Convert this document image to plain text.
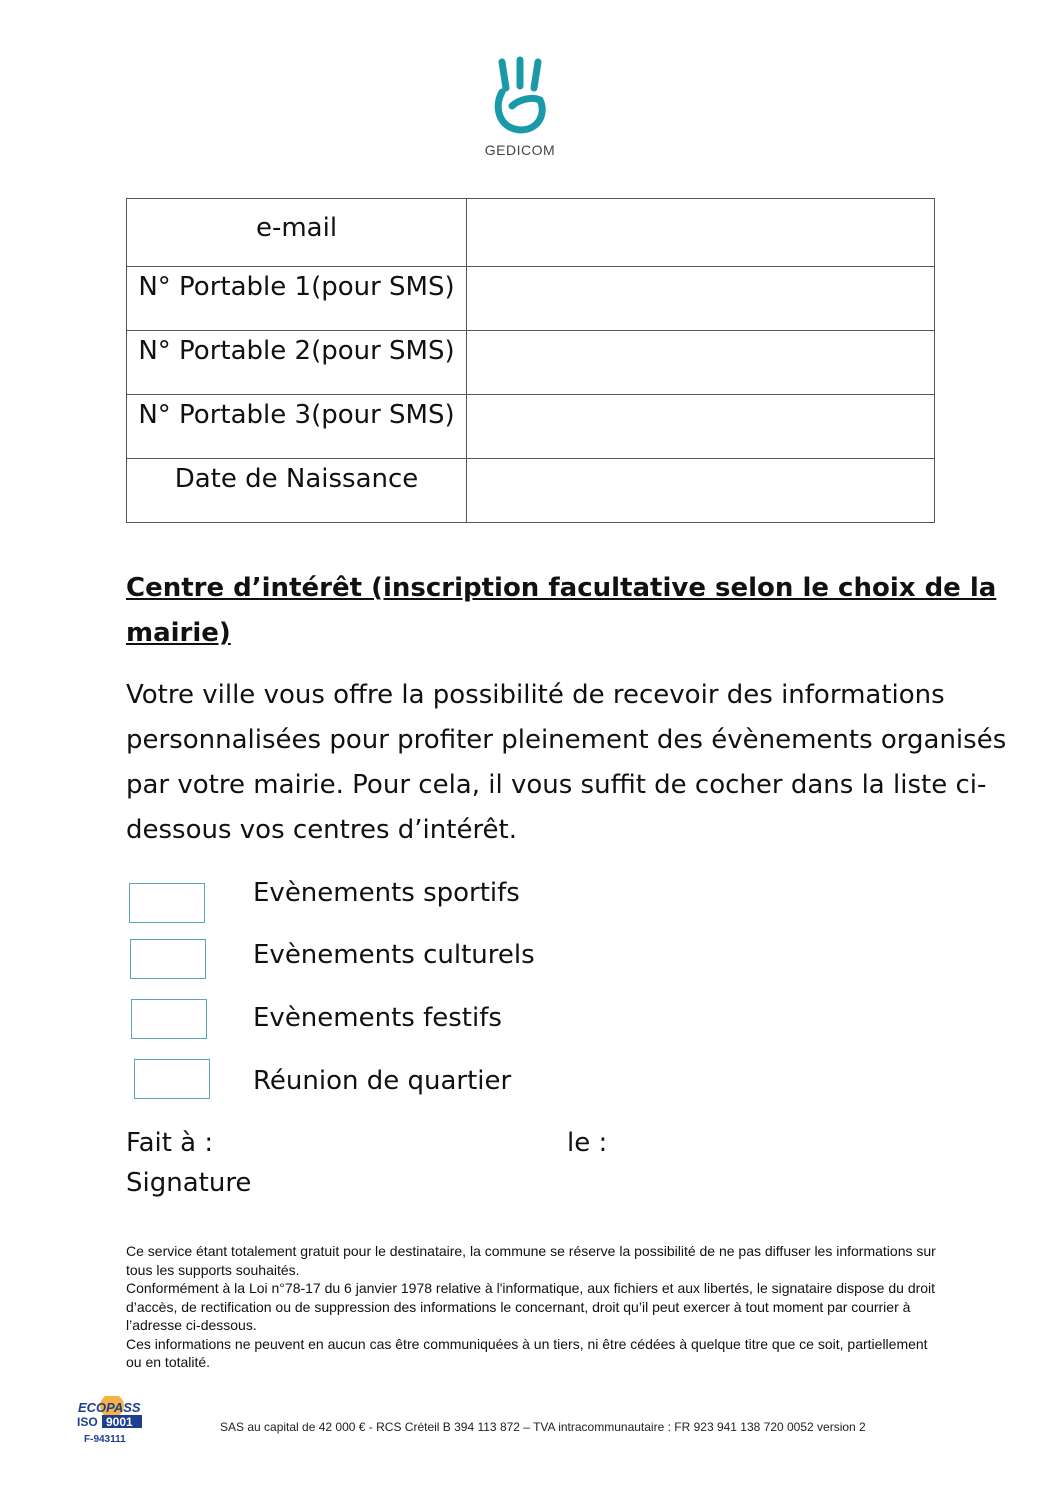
GEDICOM
e-mail	
N° Portable 1(pour SMS)	
N° Portable 2(pour SMS)	
N° Portable 3(pour SMS)	
Date de Naissance	
Centre d’intérêt (inscription facultative selon le choix de la mairie)
Votre ville vous offre la possibilité de recevoir des informations personnalisées pour profiter pleinement des évènements organisés par votre mairie. Pour cela, il vous suffit de cocher dans la liste ci-dessous vos centres d’intérêt.
Evènements sportifs
Evènements culturels
Evènements festifs
Réunion de quartier
Fait à :	le :
Signature

Ce service étant totalement gratuit pour le destinataire, la commune se réserve la possibilité de ne pas diffuser les informations sur tous les supports souhaités.

Conformément à la Loi n°78-17 du 6 janvier 1978 relative à l'informatique, aux fichiers et aux libertés, le signataire dispose du droit d’accès, de rectification ou de suppression des informations le concernant, droit qu’il peut exercer à tout moment par courrier à l’adresse ci-dessous.

Ces informations ne peuvent en aucun cas être communiquées à un tiers, ni être cédées à quelque titre que ce soit, partiellement ou en totalité.

ECOPASS
ISO 9001
F-943111
SAS au capital de 42 000 € - RCS Créteil B 394 113 872 – TVA intracommunautaire : FR 923 941 138 720 0052 version 2
